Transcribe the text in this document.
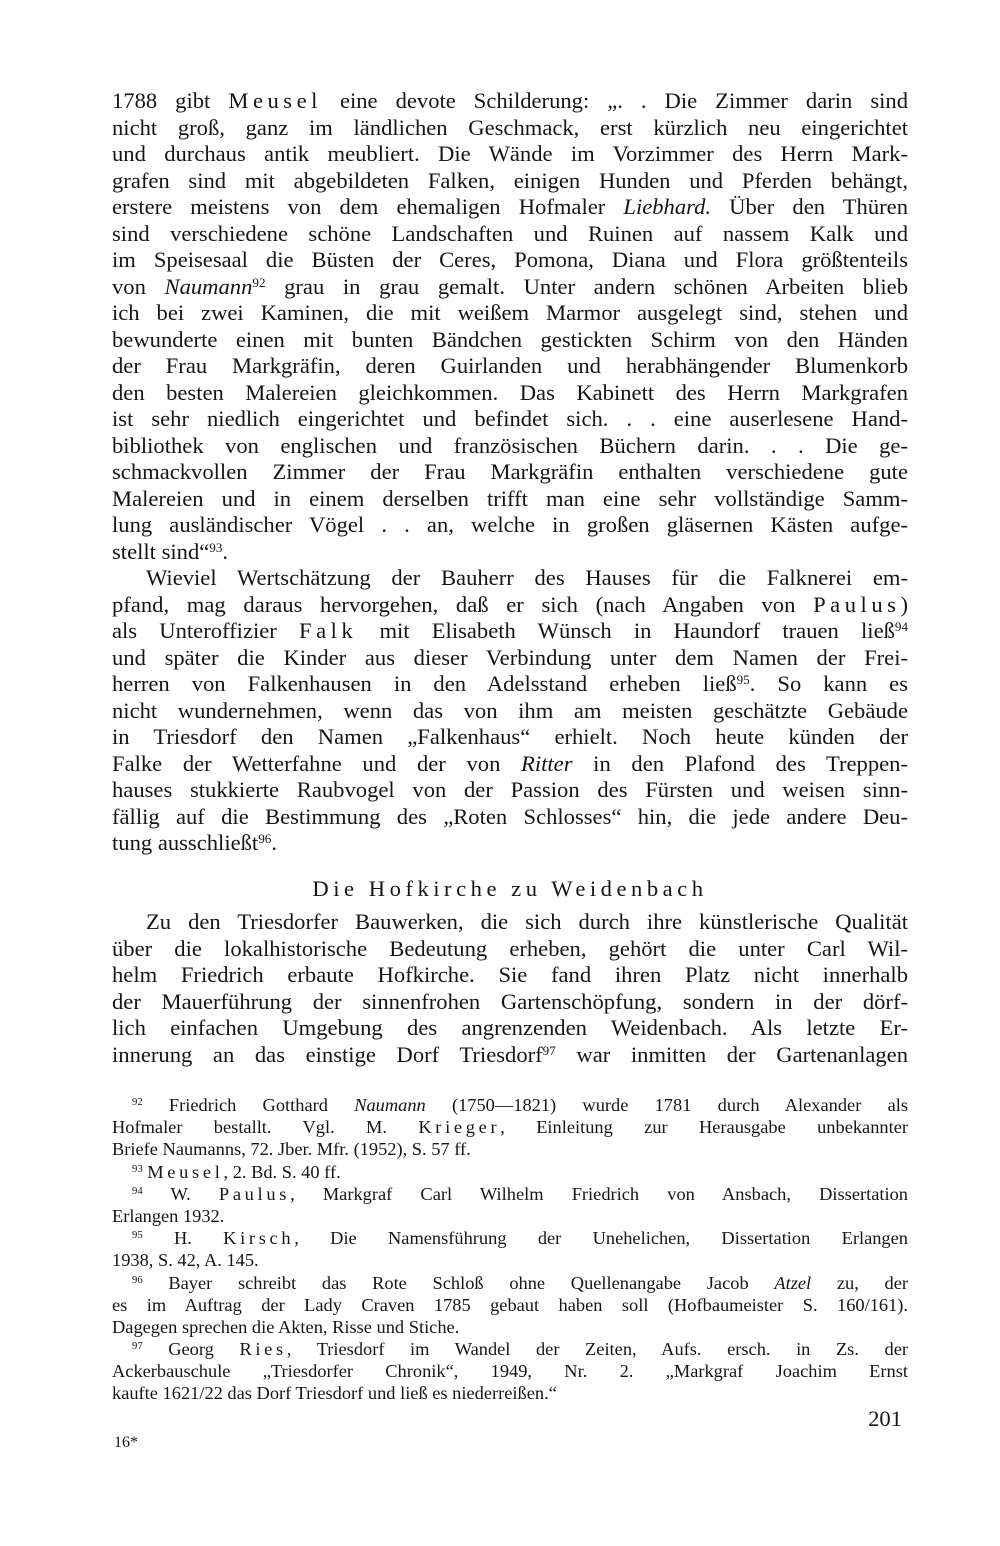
1788 gibt Meusel eine devote Schilderung: „. . Die Zimmer darin sind
nicht groß, ganz im ländlichen Geschmack, erst kürzlich neu eingerichtet
und durchaus antik meubliert. Die Wände im Vorzimmer des Herrn Mark-
grafen sind mit abgebildeten Falken, einigen Hunden und Pferden behängt,
erstere meistens von dem ehemaligen Hofmaler Liebhard. Über den Thüren
sind verschiedene schöne Landschaften und Ruinen auf nassem Kalk und
im Speisesaal die Büsten der Ceres, Pomona, Diana und Flora größtenteils
von Naumann$^{92}$ grau in grau gemalt. Unter andern schönen Arbeiten blieb
ich bei zwei Kaminen, die mit weißem Marmor ausgelegt sind, stehen und
bewunderte einen mit bunten Bändchen gestickten Schirm von den Händen
der Frau Markgräfin, deren Guirlanden und herabhängender Blumenkorb
den besten Malereien gleichkommen. Das Kabinett des Herrn Markgrafen
ist sehr niedlich eingerichtet und befindet sich. . . eine auserlesene Hand-
bibliothek von englischen und französischen Büchern darin. . . Die ge-
schmackvollen Zimmer der Frau Markgräfin enthalten verschiedene gute
Malereien und in einem derselben trifft man eine sehr vollständige Samm-
lung ausländischer Vögel . . an, welche in großen gläsernen Kästen aufge-
stellt sind“$^{93}$.
Wieviel Wertschätzung der Bauherr des Hauses für die Falknerei em-
pfand, mag daraus hervorgehen, daß er sich (nach Angaben von Paulus)
als Unteroffizier Falk mit Elisabeth Wünsch in Haundorf trauen ließ$^{94}$
und später die Kinder aus dieser Verbindung unter dem Namen der Frei-
herren von Falkenhausen in den Adelsstand erheben ließ$^{95}$. So kann es
nicht wundernehmen, wenn das von ihm am meisten geschätzte Gebäude
in Triesdorf den Namen „Falkenhaus“ erhielt. Noch heute künden der
Falke der Wetterfahne und der von Ritter in den Plafond des Treppen-
hauses stukkierte Raubvogel von der Passion des Fürsten und weisen sinn-
fällig auf die Bestimmung des „Roten Schlosses“ hin, die jede andere Deu-
tung ausschließt$^{96}$.
Die Hofkirche zu Weidenbach
Zu den Triesdorfer Bauwerken, die sich durch ihre künstlerische Qualität
über die lokalhistorische Bedeutung erheben, gehört die unter Carl Wil-
helm Friedrich erbaute Hofkirche. Sie fand ihren Platz nicht innerhalb
der Mauerführung der sinnenfrohen Gartenschöpfung, sondern in der dörf-
lich einfachen Umgebung des angrenzenden Weidenbach. Als letzte Er-
innerung an das einstige Dorf Triesdorf$^{97}$ war inmitten der Gartenanlagen
$^{92}$ Friedrich Gotthard Naumann (1750—1821) wurde 1781 durch Alexander als
Hofmaler bestallt. Vgl. M. Krieger, Einleitung zur Herausgabe unbekannter
Briefe Naumanns, 72. Jber. Mfr. (1952), S. 57 ff.
$^{93}$ Meusel, 2. Bd. S. 40 ff.
$^{94}$ W. Paulus, Markgraf Carl Wilhelm Friedrich von Ansbach, Dissertation
Erlangen 1932.
$^{95}$ H. Kirsch, Die Namensführung der Unehelichen, Dissertation Erlangen
1938, S. 42, A. 145.
$^{96}$ Bayer schreibt das Rote Schloß ohne Quellenangabe Jacob Atzel zu, der
es im Auftrag der Lady Craven 1785 gebaut haben soll (Hofbaumeister S. 160/161).
Dagegen sprechen die Akten, Risse und Stiche.
$^{97}$ Georg Ries, Triesdorf im Wandel der Zeiten, Aufs. ersch. in Zs. der
Ackerbauschule „Triesdorfer Chronik“, 1949, Nr. 2. „Markgraf Joachim Ernst
kaufte 1621/22 das Dorf Triesdorf und ließ es niederreißen.“
201
16*
